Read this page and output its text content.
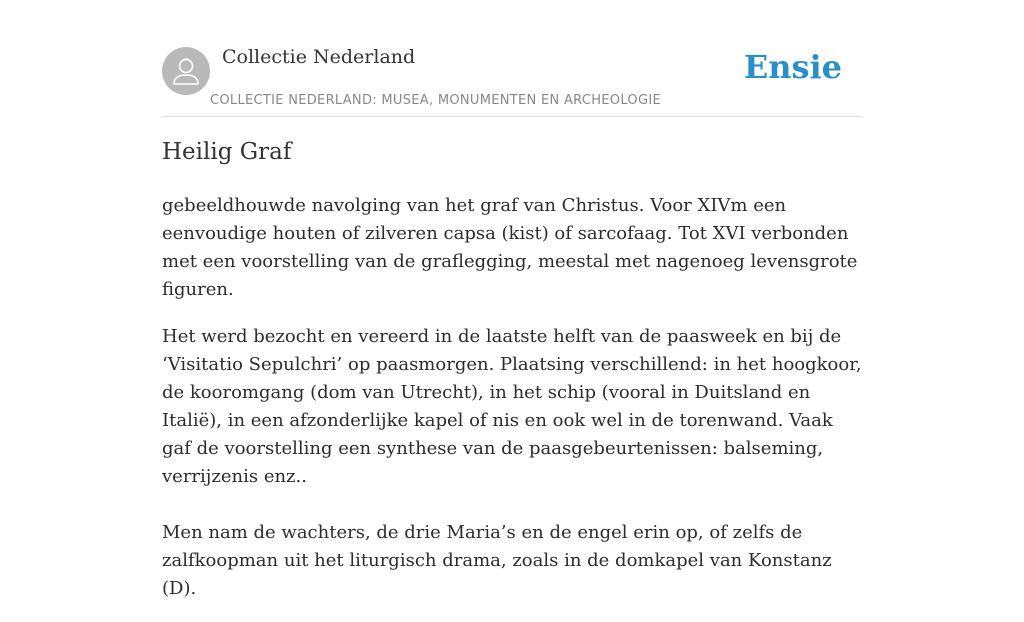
Collectie Nederland
COLLECTIE NEDERLAND: MUSEA, MONUMENTEN EN ARCHEOLOGIE
Ensie
Heilig Graf

gebeeldhouwde navolging van het graf van Christus. Voor XIVm een eenvoudige houten of zilveren capsa (kist) of sarcofaag. Tot XVI verbonden met een voorstelling van de graflegging, meestal met nagenoeg levensgrote figuren.

Het werd bezocht en vereerd in de laatste helft van de paasweek en bij de ‘Visitatio Sepulchri’ op paasmorgen. Plaatsing verschillend: in het hoogkoor, de kooromgang (dom van Utrecht), in het schip (vooral in Duitsland en Italië), in een afzonderlijke kapel of nis en ook wel in de torenwand. Vaak gaf de voorstelling een synthese van de paasgebeurtenissen: balseming, verrijzenis enz..

Men nam de wachters, de drie Maria’s en de engel erin op, of zelfs de zalfkoopman uit het liturgisch drama, zoals in de domkapel van Konstanz (D).
